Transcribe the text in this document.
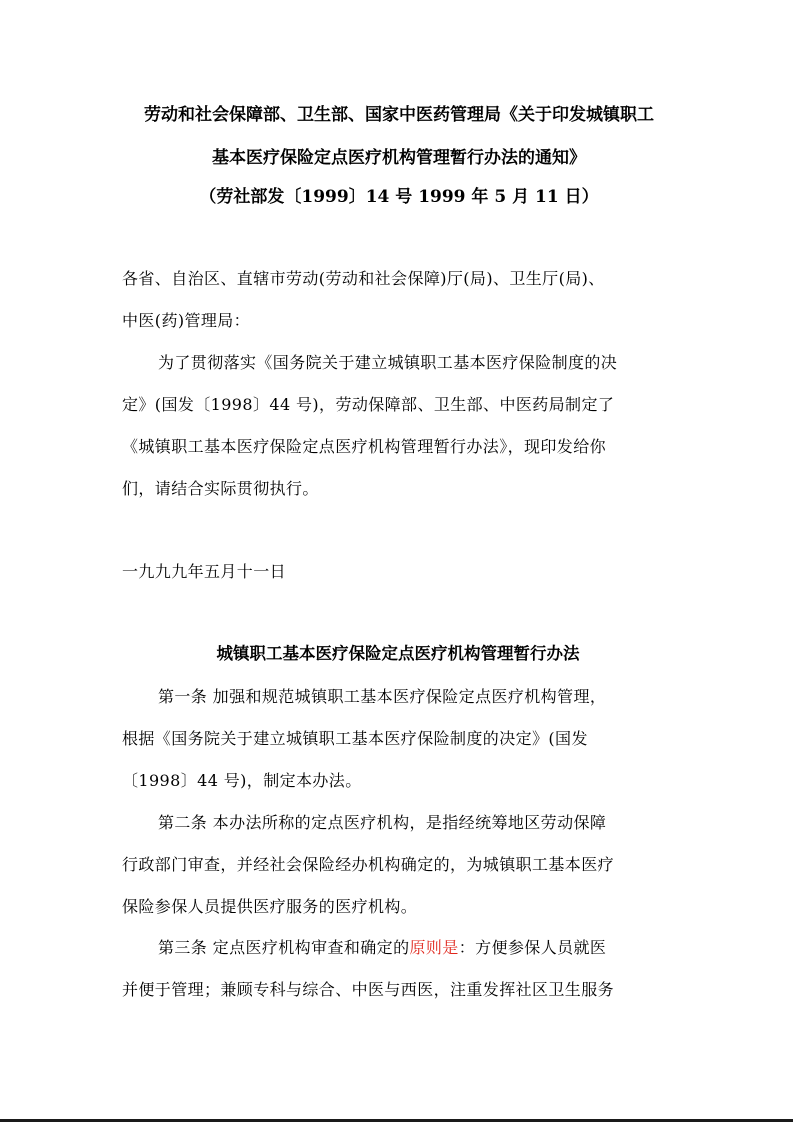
劳动和社会保障部、卫生部、国家中医药管理局《关于印发城镇职工
基本医疗保险定点医疗机构管理暂行办法的通知》
（劳社部发〔1999〕14 号 1999 年 5 月 11 日）
各省、自治区、直辖市劳动(劳动和社会保障)厅(局)、卫生厅(局)、
中医(药)管理局：
为了贯彻落实《国务院关于建立城镇职工基本医疗保险制度的决
定》(国发〔1998〕44 号)，劳动保障部、卫生部、中医药局制定了
《城镇职工基本医疗保险定点医疗机构管理暂行办法》，现印发给你
们，请结合实际贯彻执行。
一九九九年五月十一日
城镇职工基本医疗保险定点医疗机构管理暂行办法
第一条 加强和规范城镇职工基本医疗保险定点医疗机构管理，
根据《国务院关于建立城镇职工基本医疗保险制度的决定》(国发
〔1998〕44 号)，制定本办法。
第二条 本办法所称的定点医疗机构，是指经统筹地区劳动保障
行政部门审查，并经社会保险经办机构确定的，为城镇职工基本医疗
保险参保人员提供医疗服务的医疗机构。
第三条 定点医疗机构审查和确定的原则是：方便参保人员就医
并便于管理；兼顾专科与综合、中医与西医，注重发挥社区卫生服务
